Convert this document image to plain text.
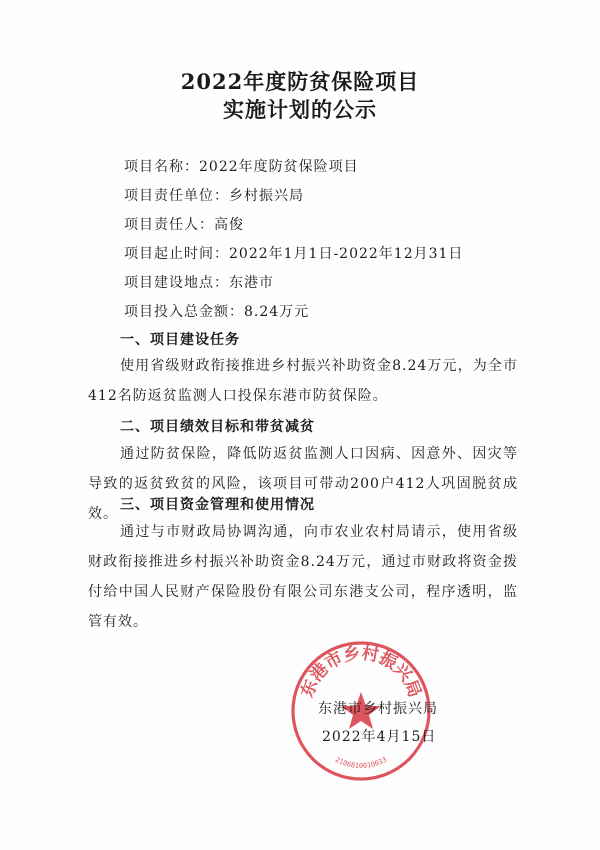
2022年度防贫保险项目
实施计划的公示
项目名称：2022年度防贫保险项目
项目责任单位：乡村振兴局
项目责任人：高俊
项目起止时间：2022年1月1日-2022年12月31日
项目建设地点：东港市
项目投入总金额：8.24万元
一、项目建设任务

使用省级财政衔接推进乡村振兴补助资金8.24万元，为全市412名防返贫监测人口投保东港市防贫保险。

二、项目绩效目标和带贫减贫

通过防贫保险，降低防返贫监测人口因病、因意外、因灾等导致的返贫致贫的风险，该项目可带动200户412人巩固脱贫成效。

三、项目资金管理和使用情况

通过与市财政局协调沟通，向市农业农村局请示，使用省级财政衔接推进乡村振兴补助资金8.24万元，通过市财政将资金拨付给中国人民财产保险股份有限公司东港支公司，程序透明，监管有效。

东港市乡村振兴局
2106810010033
东港市乡村振兴局
2022年4月15日
